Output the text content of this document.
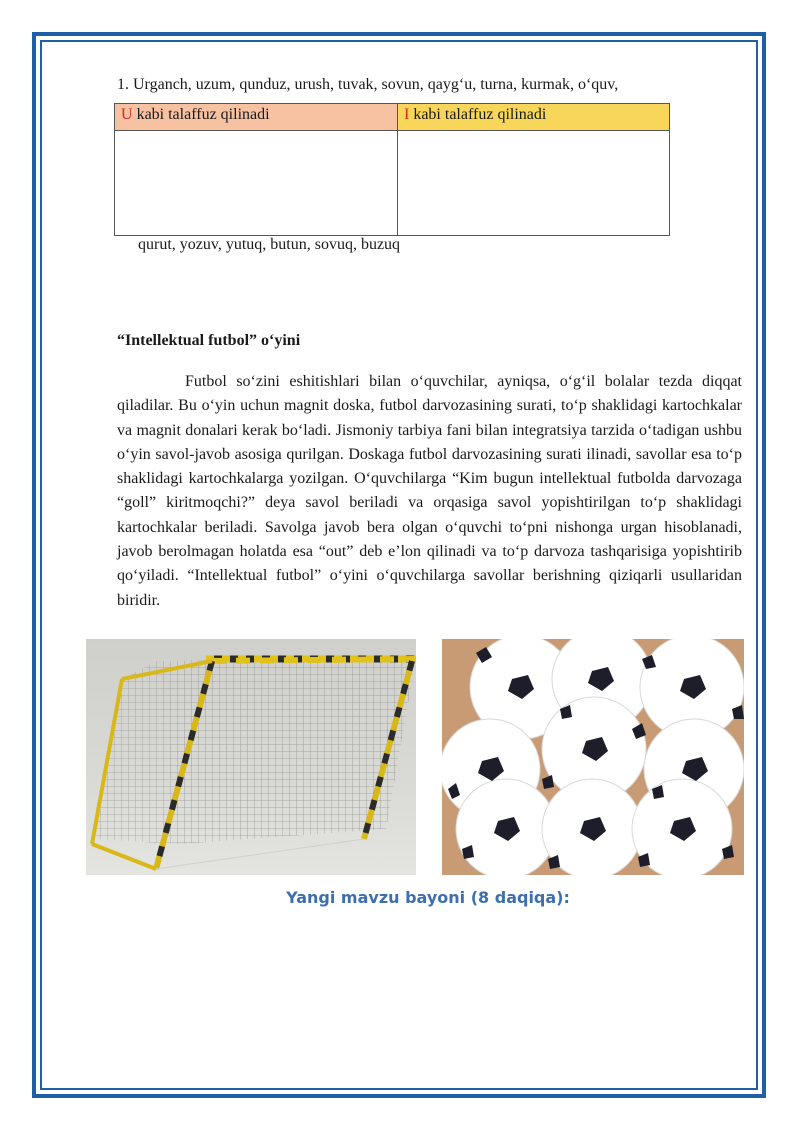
1. Urganch, uzum, qunduz, urush, tuvak, sovun, qayg‘u, turna, kurmak, o‘quv,
U kabi talaffuz qilinadi	I kabi talaffuz qilinadi

qurut, yozuv, yutuq, butun, sovuq, buzuq
“Intellektual futbol” o‘yini

Futbol so‘zini eshitishlari bilan o‘quvchilar, ayniqsa, o‘g‘il bolalar tezda diqqat qiladilar. Bu o‘yin uchun magnit doska, futbol darvozasining surati, to‘p shaklidagi kartochkalar va magnit donalari kerak bo‘ladi. Jismoniy tarbiya fani bilan integratsiya tarzida o‘tadigan ushbu o‘yin savol-javob asosiga qurilgan. Doskaga futbol darvozasining surati ilinadi, savollar esa to‘p shaklidagi kartochkalarga yozilgan. O‘quvchilarga “Kim bugun intellektual futbolda darvozaga “goll” kiritmoqchi?” deya savol beriladi va orqasiga savol yopishtirilgan to‘p shaklidagi kartochkalar beriladi. Savolga javob bera olgan o‘quvchi to‘pni nishonga urgan hisoblanadi, javob berolmagan holatda esa “out” deb e’lon qilinadi va to‘p darvoza tashqarisiga yopishtirib qo‘yiladi. “Intellektual futbol” o‘yini o‘quvchilarga savollar berishning qiziqarli usullaridan biridir.

Yangi mavzu bayoni (8 daqiqa):
